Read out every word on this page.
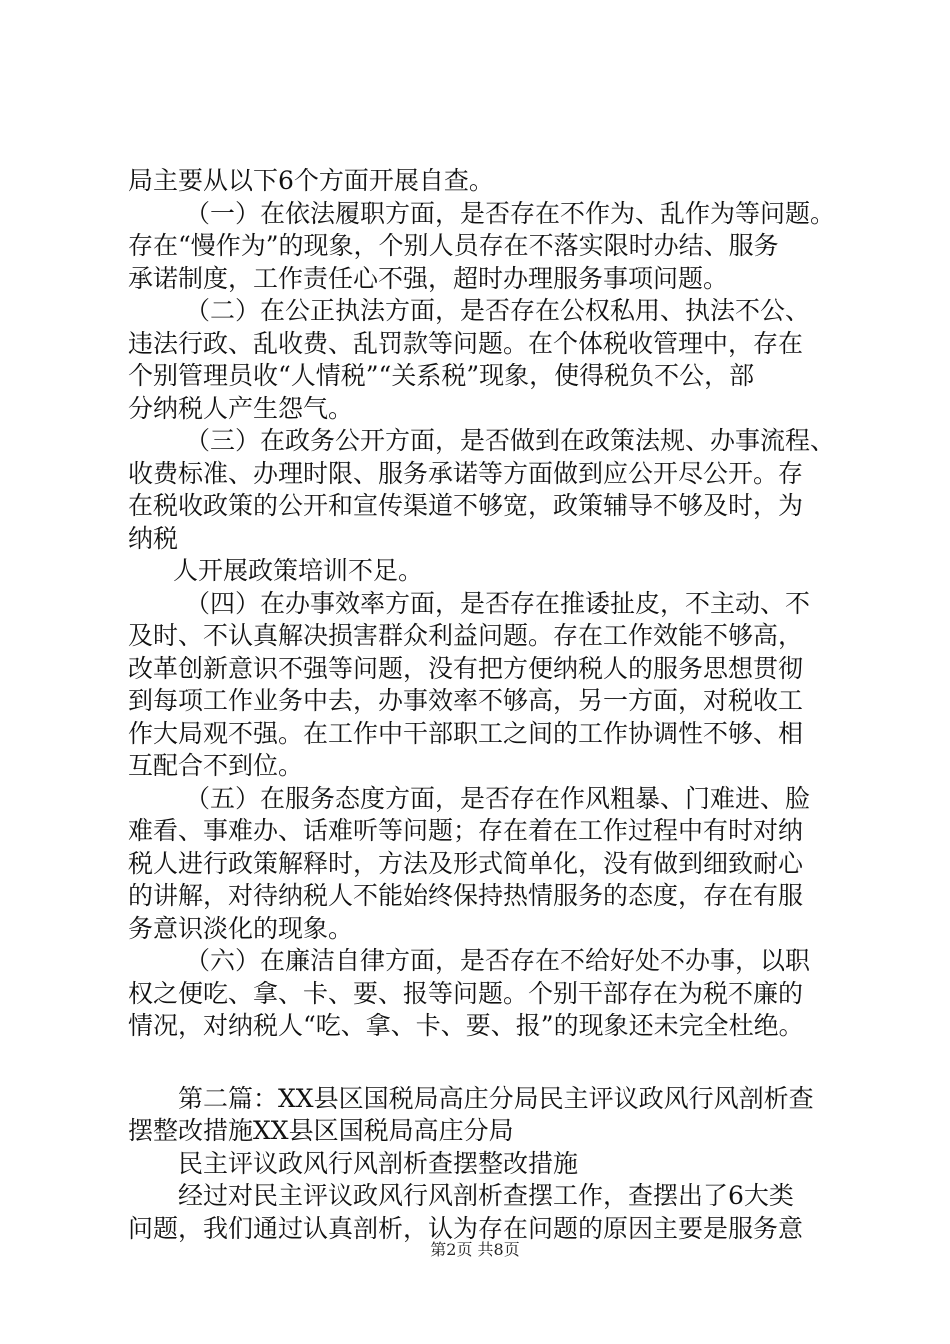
局主要从以下6个方面开展自查。
（一）在依法履职方面，是否存在不作为、乱作为等问题。
存在“慢作为”的现象，个别人员存在不落实限时办结、服务
承诺制度，工作责任心不强，超时办理服务事项问题。
（二）在公正执法方面，是否存在公权私用、执法不公、
违法行政、乱收费、乱罚款等问题。在个体税收管理中，存在
个别管理员收“人情税”“关系税”现象，使得税负不公，部
分纳税人产生怨气。
（三）在政务公开方面，是否做到在政策法规、办事流程、
收费标准、办理时限、服务承诺等方面做到应公开尽公开。存
在税收政策的公开和宣传渠道不够宽，政策辅导不够及时，为
纳税
人开展政策培训不足。
（四）在办事效率方面，是否存在推诿扯皮，不主动、不
及时、不认真解决损害群众利益问题。存在工作效能不够高，
改革创新意识不强等问题，没有把方便纳税人的服务思想贯彻
到每项工作业务中去，办事效率不够高，另一方面，对税收工
作大局观不强。在工作中干部职工之间的工作协调性不够、相
互配合不到位。
（五）在服务态度方面，是否存在作风粗暴、门难进、脸
难看、事难办、话难听等问题；存在着在工作过程中有时对纳
税人进行政策解释时，方法及形式简单化，没有做到细致耐心
的讲解，对待纳税人不能始终保持热情服务的态度，存在有服
务意识淡化的现象。
（六）在廉洁自律方面，是否存在不给好处不办事，以职
权之便吃、拿、卡、要、报等问题。个别干部存在为税不廉的
情况，对纳税人“吃、拿、卡、要、报”的现象还未完全杜绝。
第二篇：XX县区国税局高庄分局民主评议政风行风剖析查
摆整改措施XX县区国税局高庄分局
民主评议政风行风剖析查摆整改措施
经过对民主评议政风行风剖析查摆工作，查摆出了6大类
问题，我们通过认真剖析，认为存在问题的原因主要是服务意
第2页 共8页
